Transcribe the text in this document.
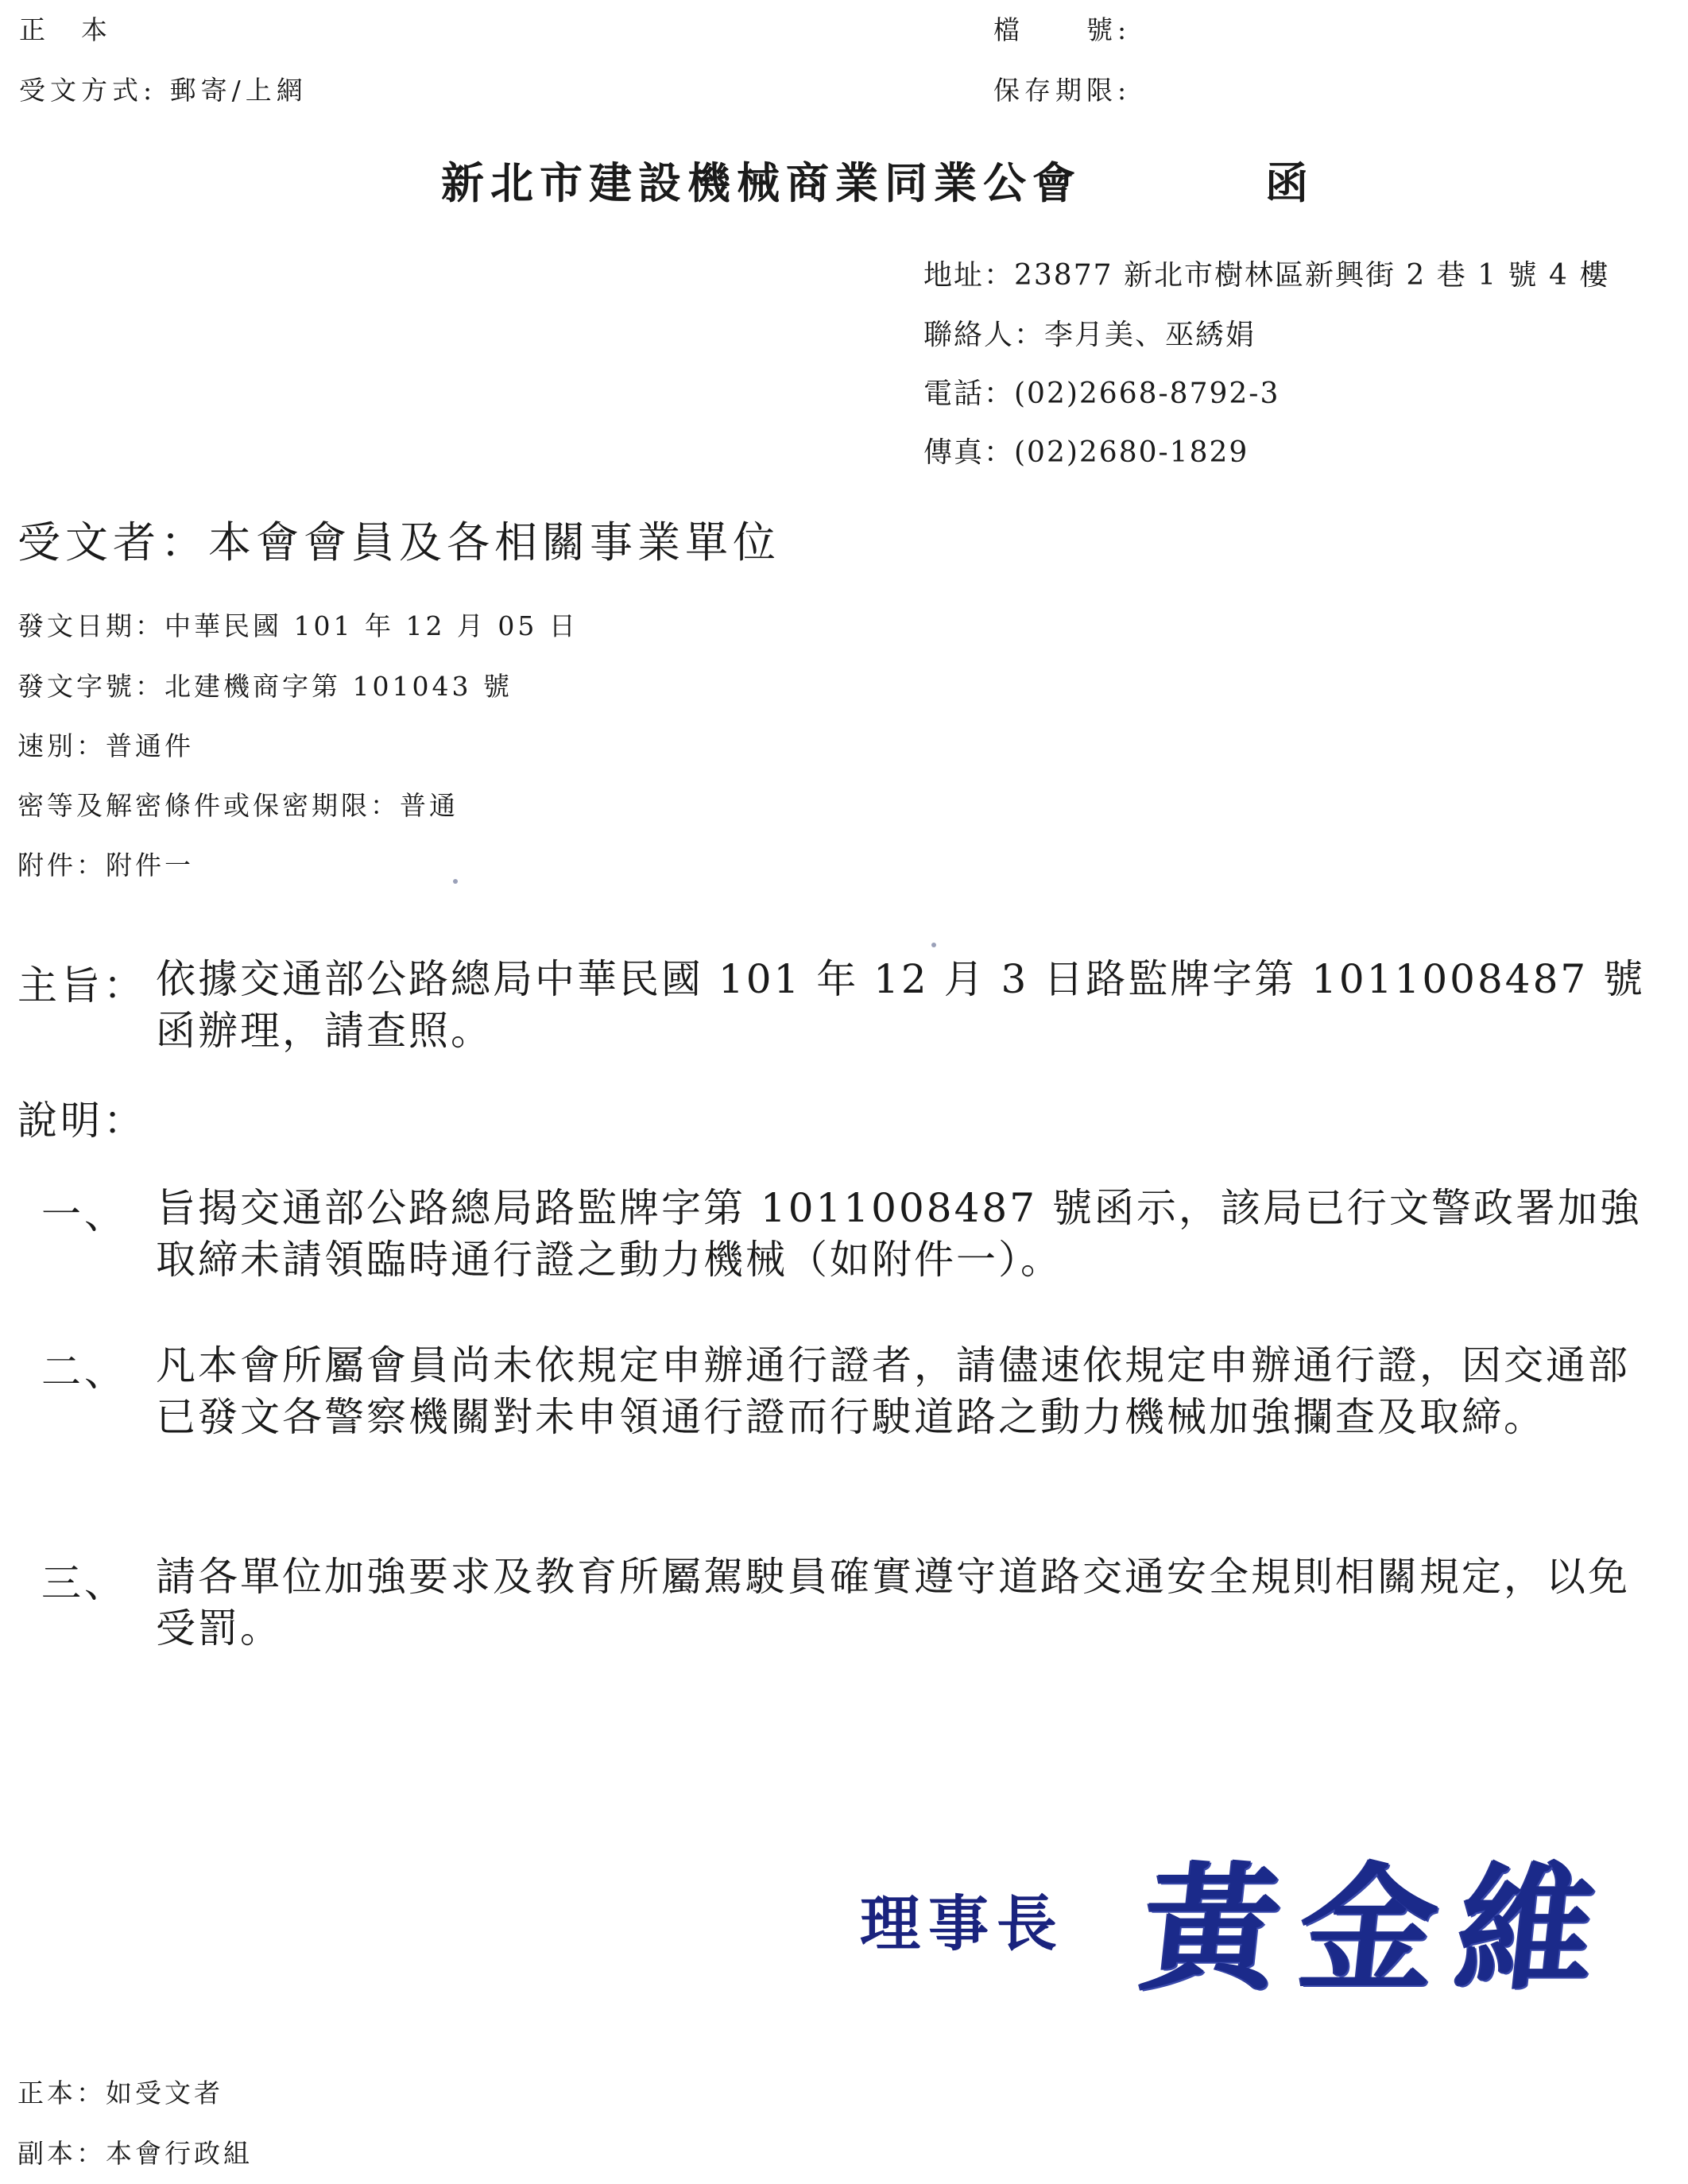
正　本	檔　　號:
受文方式: 郵寄/上網	保存期限:
新北市建設機械商業同業公會	函
地址：23877 新北市樹林區新興街 2 巷 1 號 4 樓
聯絡人：李月美、巫綉娟
電話：(02)2668-8792-3
傳真：(02)2680-1829
受文者：本會會員及各相關事業單位
發文日期：中華民國 101 年 12 月 05 日
發文字號：北建機商字第 101043 號
速別：普通件
密等及解密條件或保密期限：普通
附件：附件一
主旨： 依據交通部公路總局中華民國 101 年 12 月 3 日路監牌字第 1011008487 號函辦理，請查照。
說明：
一、 旨揭交通部公路總局路監牌字第 1011008487 號函示，該局已行文警政署加強取締未請領臨時通行證之動力機械（如附件一）。
二、 凡本會所屬會員尚未依規定申辦通行證者，請儘速依規定申辦通行證，因交通部已發文各警察機關對未申領通行證而行駛道路之動力機械加強攔查及取締。
三、 請各單位加強要求及教育所屬駕駛員確實遵守道路交通安全規則相關規定，以免受罰。
理事長 黃金維
正本：如受文者
副本：本會行政組
